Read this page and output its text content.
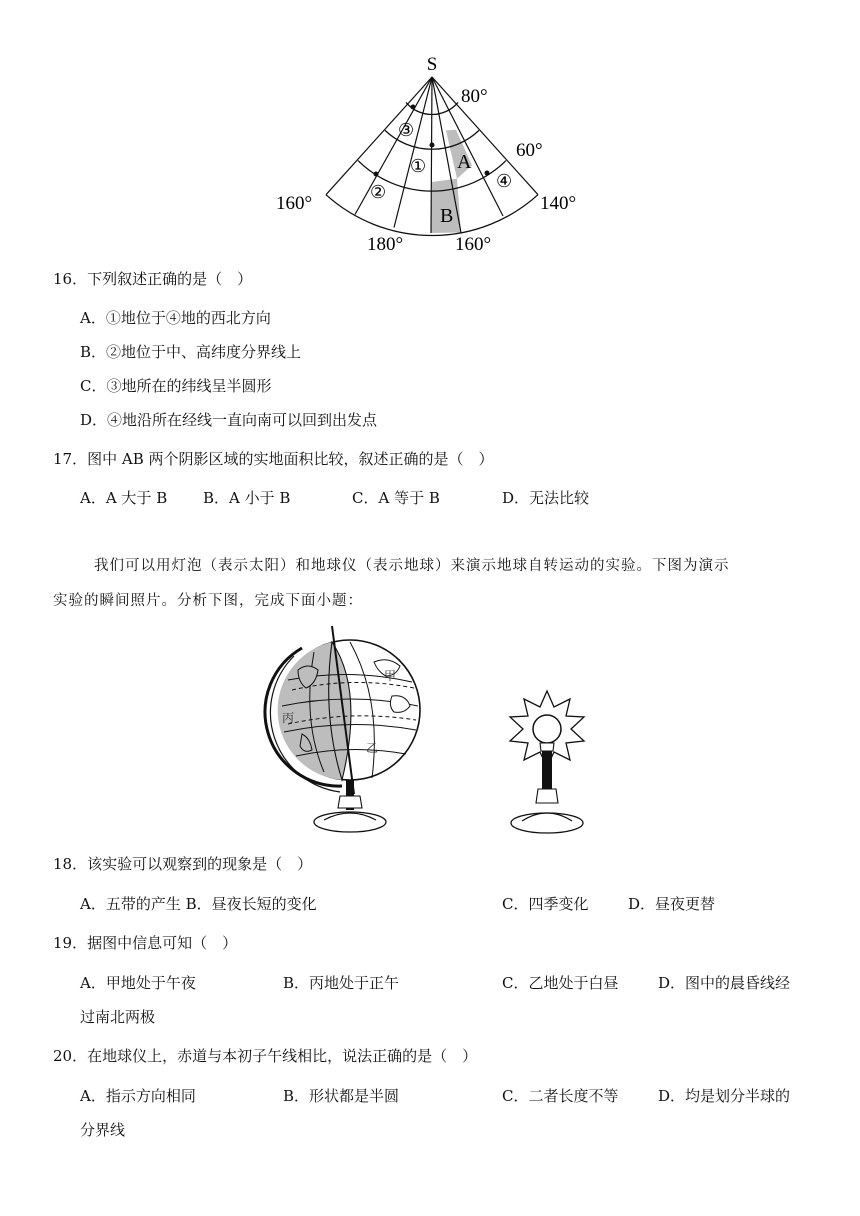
S
80°
60°
160°	140°
180°	160°
A
B
①
②
③
④
16．下列叙述正确的是（　）
A．①地位于④地的西北方向
B．②地位于中、高纬度分界线上
C．③地所在的纬线呈半圆形
D．④地沿所在经线一直向南可以回到出发点
17．图中 AB 两个阴影区域的实地面积比较，叙述正确的是（　）
A．A 大于 B B．A 小于 B	C．A 等于 B	D．无法比较
我们可以用灯泡（表示太阳）和地球仪（表示地球）来演示地球自转运动的实验。下图为演示
实验的瞬间照片。分析下图，完成下面小题：
甲
乙
丙
18．该实验可以观察到的现象是（　）
A．五带的产生 B．昼夜长短的变化	C．四季变化	D．昼夜更替
19．据图中信息可知（　）
A．甲地处于午夜	B．丙地处于正午	C．乙地处于白昼	D．图中的晨昏线经
过南北两极
20．在地球仪上，赤道与本初子午线相比，说法正确的是（　）
A．指示方向相同	B．形状都是半圆	C．二者长度不等	D．均是划分半球的
分界线
